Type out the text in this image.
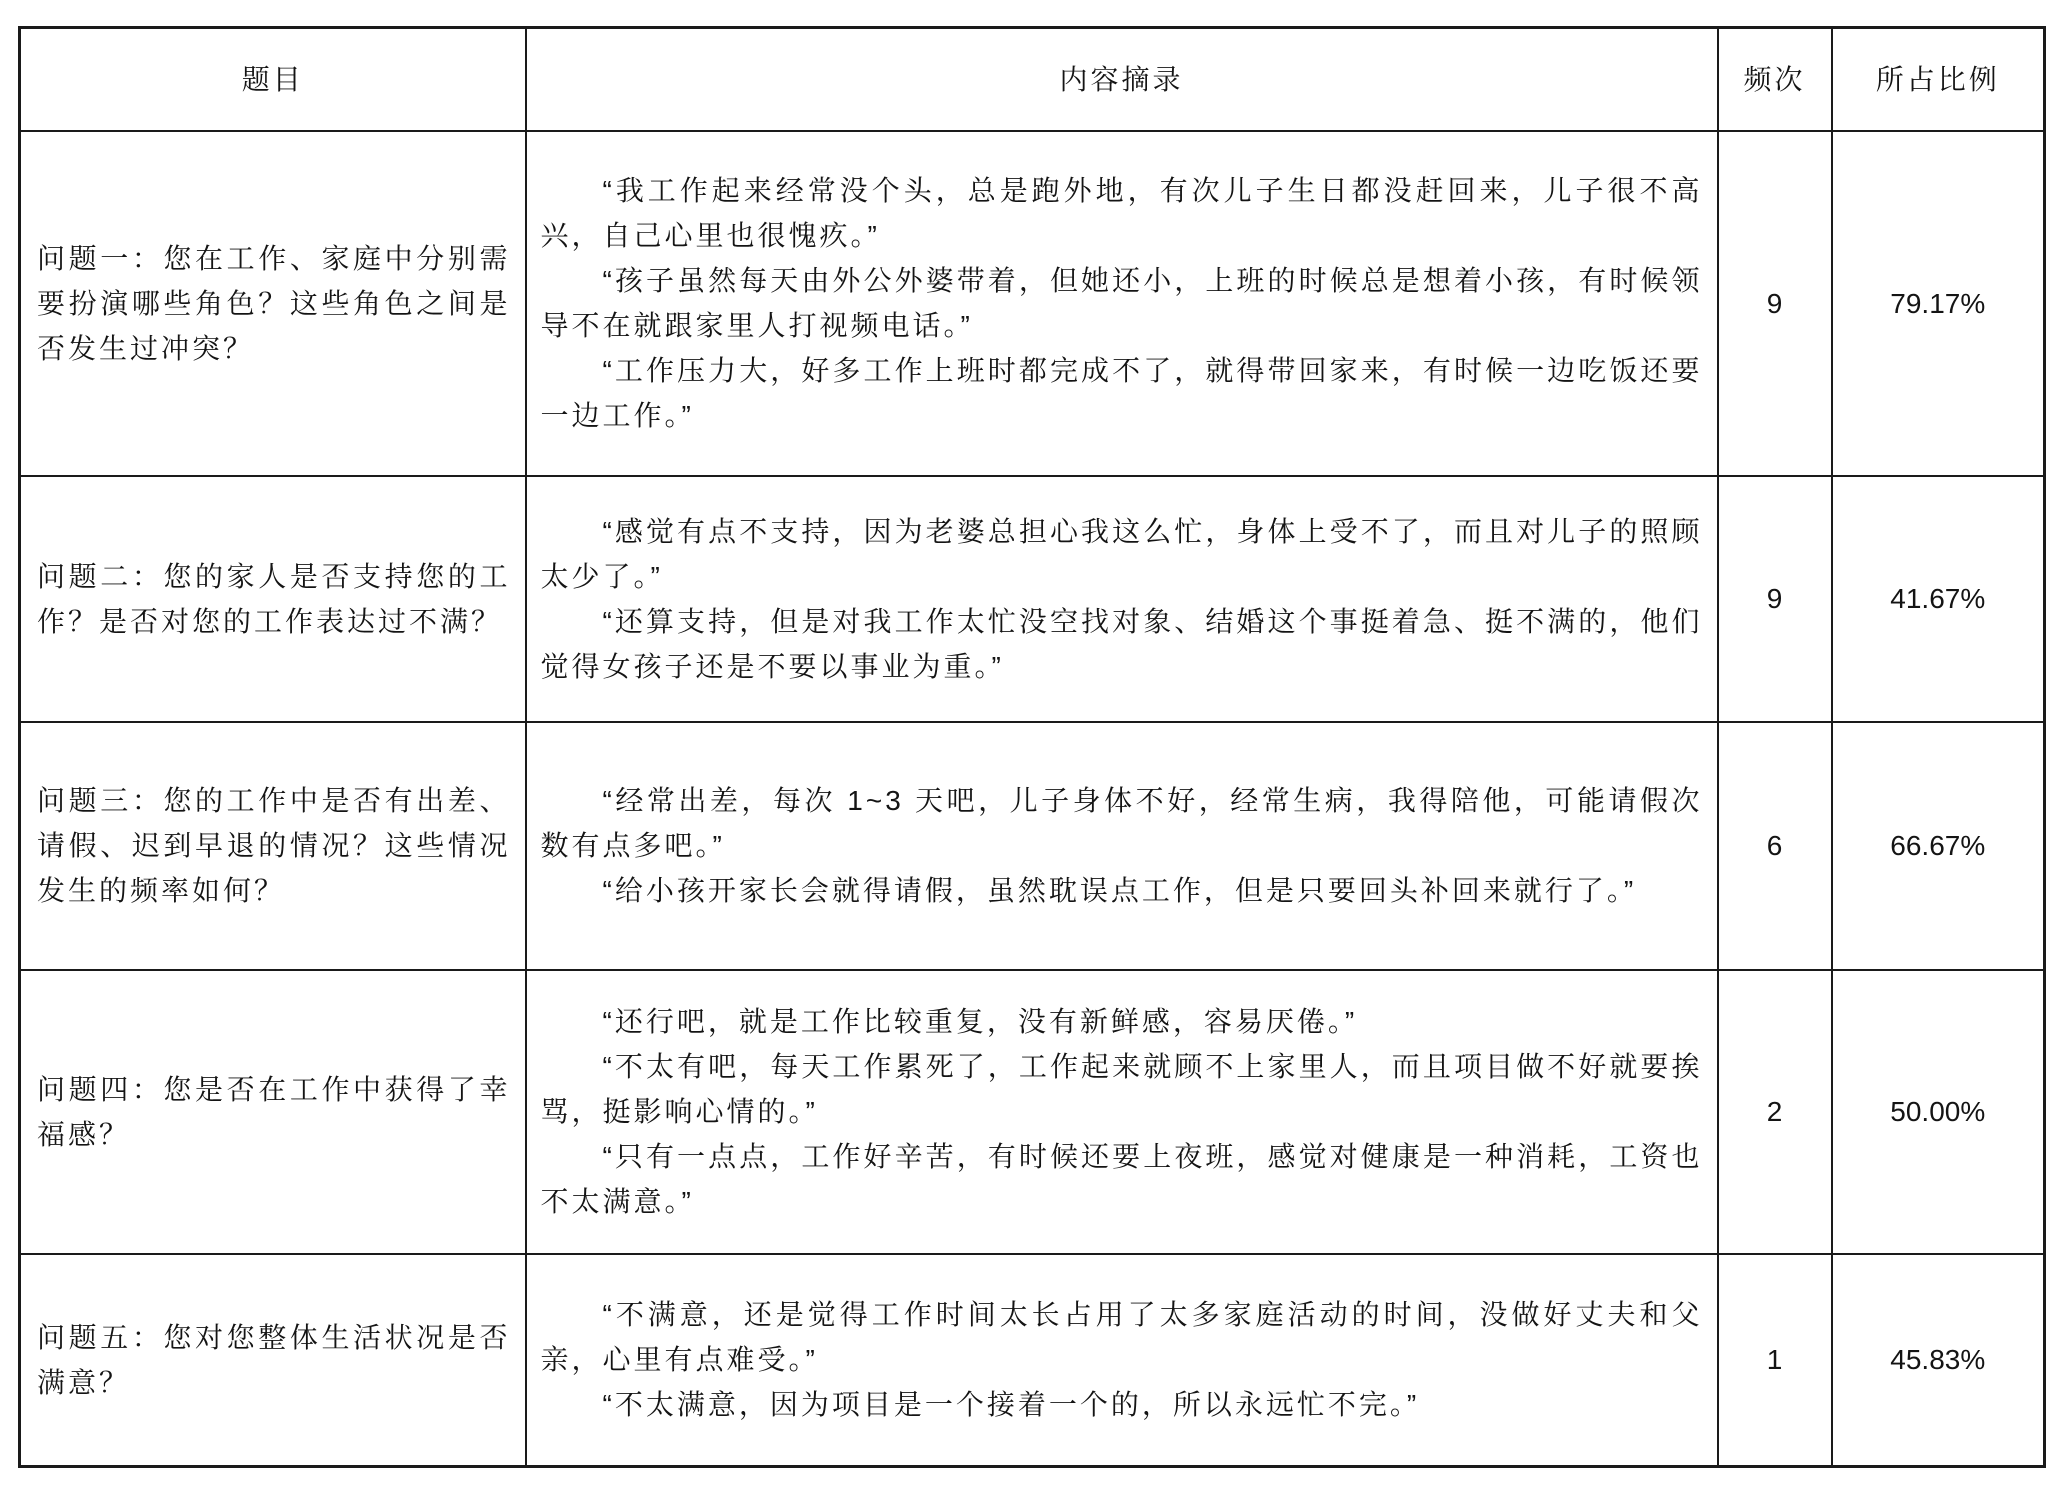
题目	内容摘录	频次	所占比例
问题一：您在工作、家庭中分别需要扮演哪些角色？这些角色之间是否发生过冲突？	“我工作起来经常没个头，总是跑外地，有次儿子生日都没赶回来，儿子很不高兴，自己心里也很愧疚。”

“孩子虽然每天由外公外婆带着，但她还小，上班的时候总是想着小孩，有时候领导不在就跟家里人打视频电话。”

“工作压力大，好多工作上班时都完成不了，就得带回家来，有时候一边吃饭还要一边工作。”	9	79.17%
问题二：您的家人是否支持您的工作？是否对您的工作表达过不满？	“感觉有点不支持，因为老婆总担心我这么忙，身体上受不了，而且对儿子的照顾太少了。”

“还算支持，但是对我工作太忙没空找对象、结婚这个事挺着急、挺不满的，他们觉得女孩子还是不要以事业为重。”	9	41.67%
问题三：您的工作中是否有出差、请假、迟到早退的情况？这些情况发生的频率如何？	“经常出差，每次 1~3 天吧，儿子身体不好，经常生病，我得陪他，可能请假次数有点多吧。”

“给小孩开家长会就得请假，虽然耽误点工作，但是只要回头补回来就行了。”	6	66.67%
问题四：您是否在工作中获得了幸福感？	“还行吧，就是工作比较重复，没有新鲜感，容易厌倦。”

“不太有吧，每天工作累死了，工作起来就顾不上家里人，而且项目做不好就要挨骂，挺影响心情的。”

“只有一点点，工作好辛苦，有时候还要上夜班，感觉对健康是一种消耗，工资也不太满意。”	2	50.00%
问题五：您对您整体生活状况是否满意？	“不满意，还是觉得工作时间太长占用了太多家庭活动的时间，没做好丈夫和父亲，心里有点难受。”

“不太满意，因为项目是一个接着一个的，所以永远忙不完。”	1	45.83%
